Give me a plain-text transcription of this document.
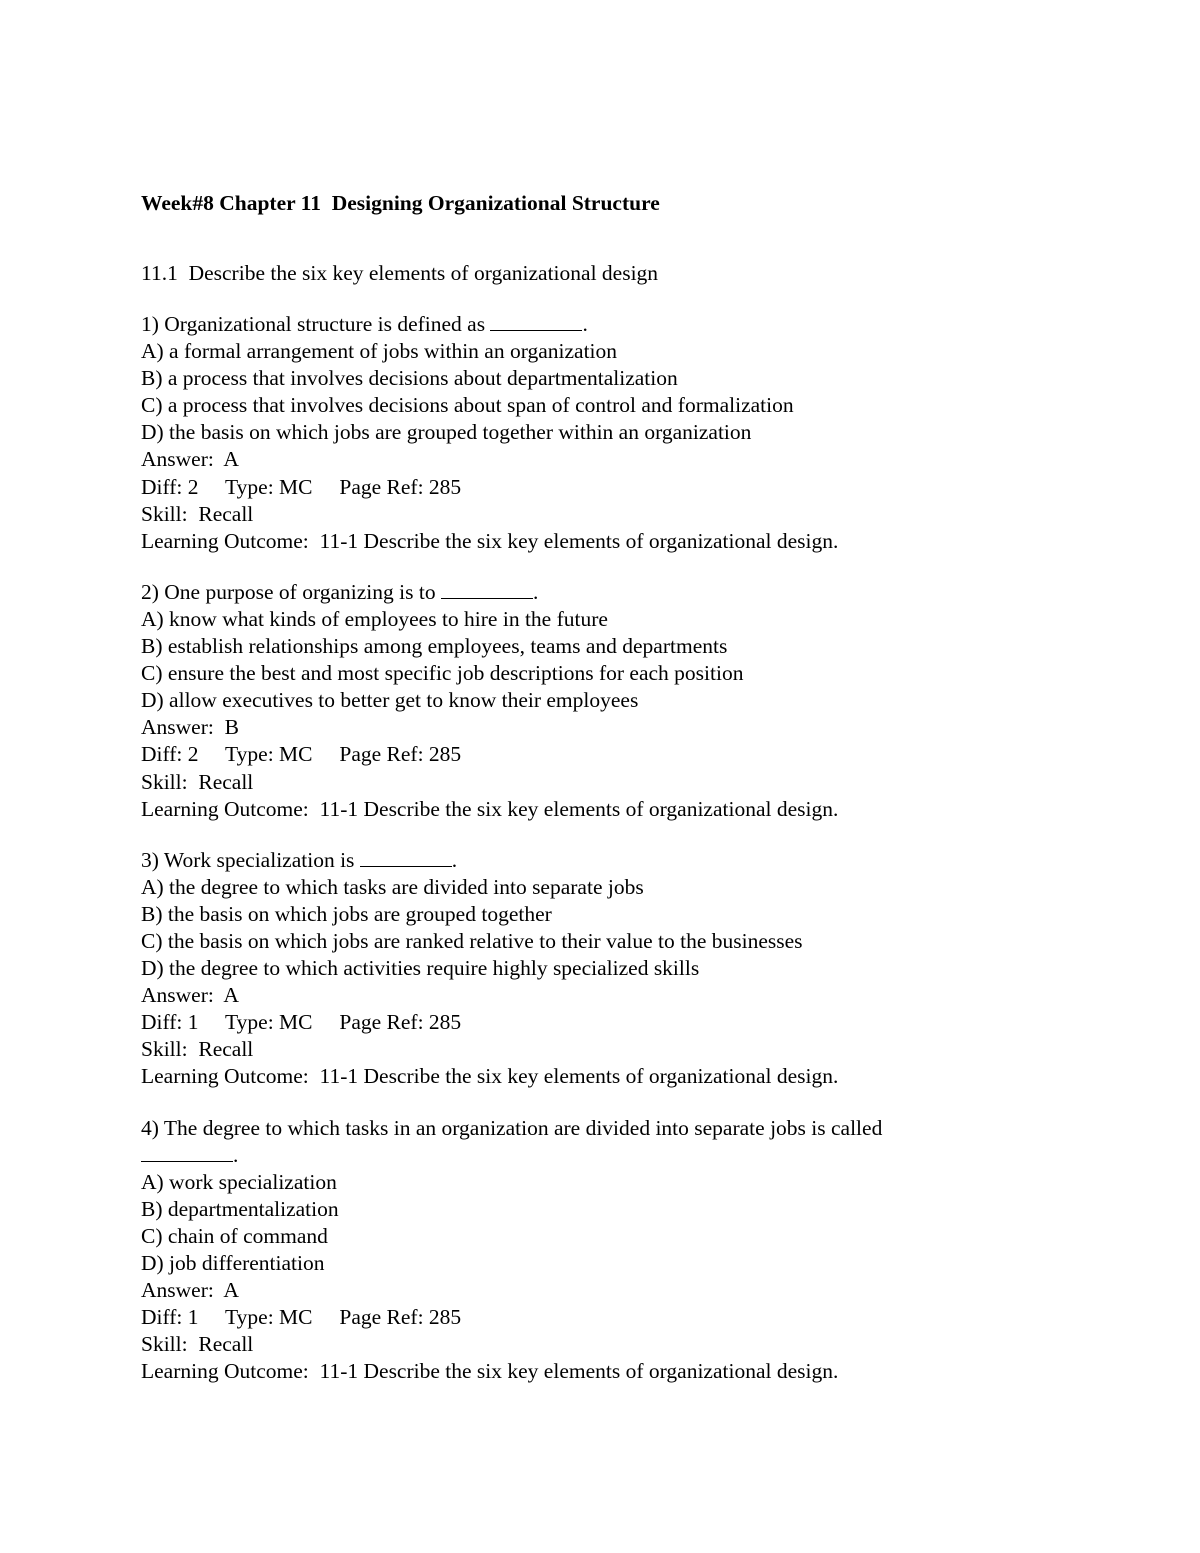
Week#8 Chapter 11  Designing Organizational Structure
11.1  Describe the six key elements of organizational design
1) Organizational structure is defined as	.
A) a formal arrangement of jobs within an organization
B) a process that involves decisions about departmentalization
C) a process that involves decisions about span of control and formalization
D) the basis on which jobs are grouped together within an organization
Answer:  A
Diff: 2     Type: MC     Page Ref: 285
Skill:  Recall
Learning Outcome:  11-1 Describe the six key elements of organizational design.
2) One purpose of organizing is to	.
A) know what kinds of employees to hire in the future
B) establish relationships among employees, teams and departments
C) ensure the best and most specific job descriptions for each position
D) allow executives to better get to know their employees
Answer:  B
Diff: 2     Type: MC     Page Ref: 285
Skill:  Recall
Learning Outcome:  11-1 Describe the six key elements of organizational design.
3) Work specialization is	.
A) the degree to which tasks are divided into separate jobs
B) the basis on which jobs are grouped together
C) the basis on which jobs are ranked relative to their value to the businesses
D) the degree to which activities require highly specialized skills
Answer:  A
Diff: 1     Type: MC     Page Ref: 285
Skill:  Recall
Learning Outcome:  11-1 Describe the six key elements of organizational design.
4) The degree to which tasks in an organization are divided into separate jobs is called .
A) work specialization
B) departmentalization
C) chain of command
D) job differentiation
Answer:  A
Diff: 1     Type: MC     Page Ref: 285
Skill:  Recall
Learning Outcome:  11-1 Describe the six key elements of organizational design.
